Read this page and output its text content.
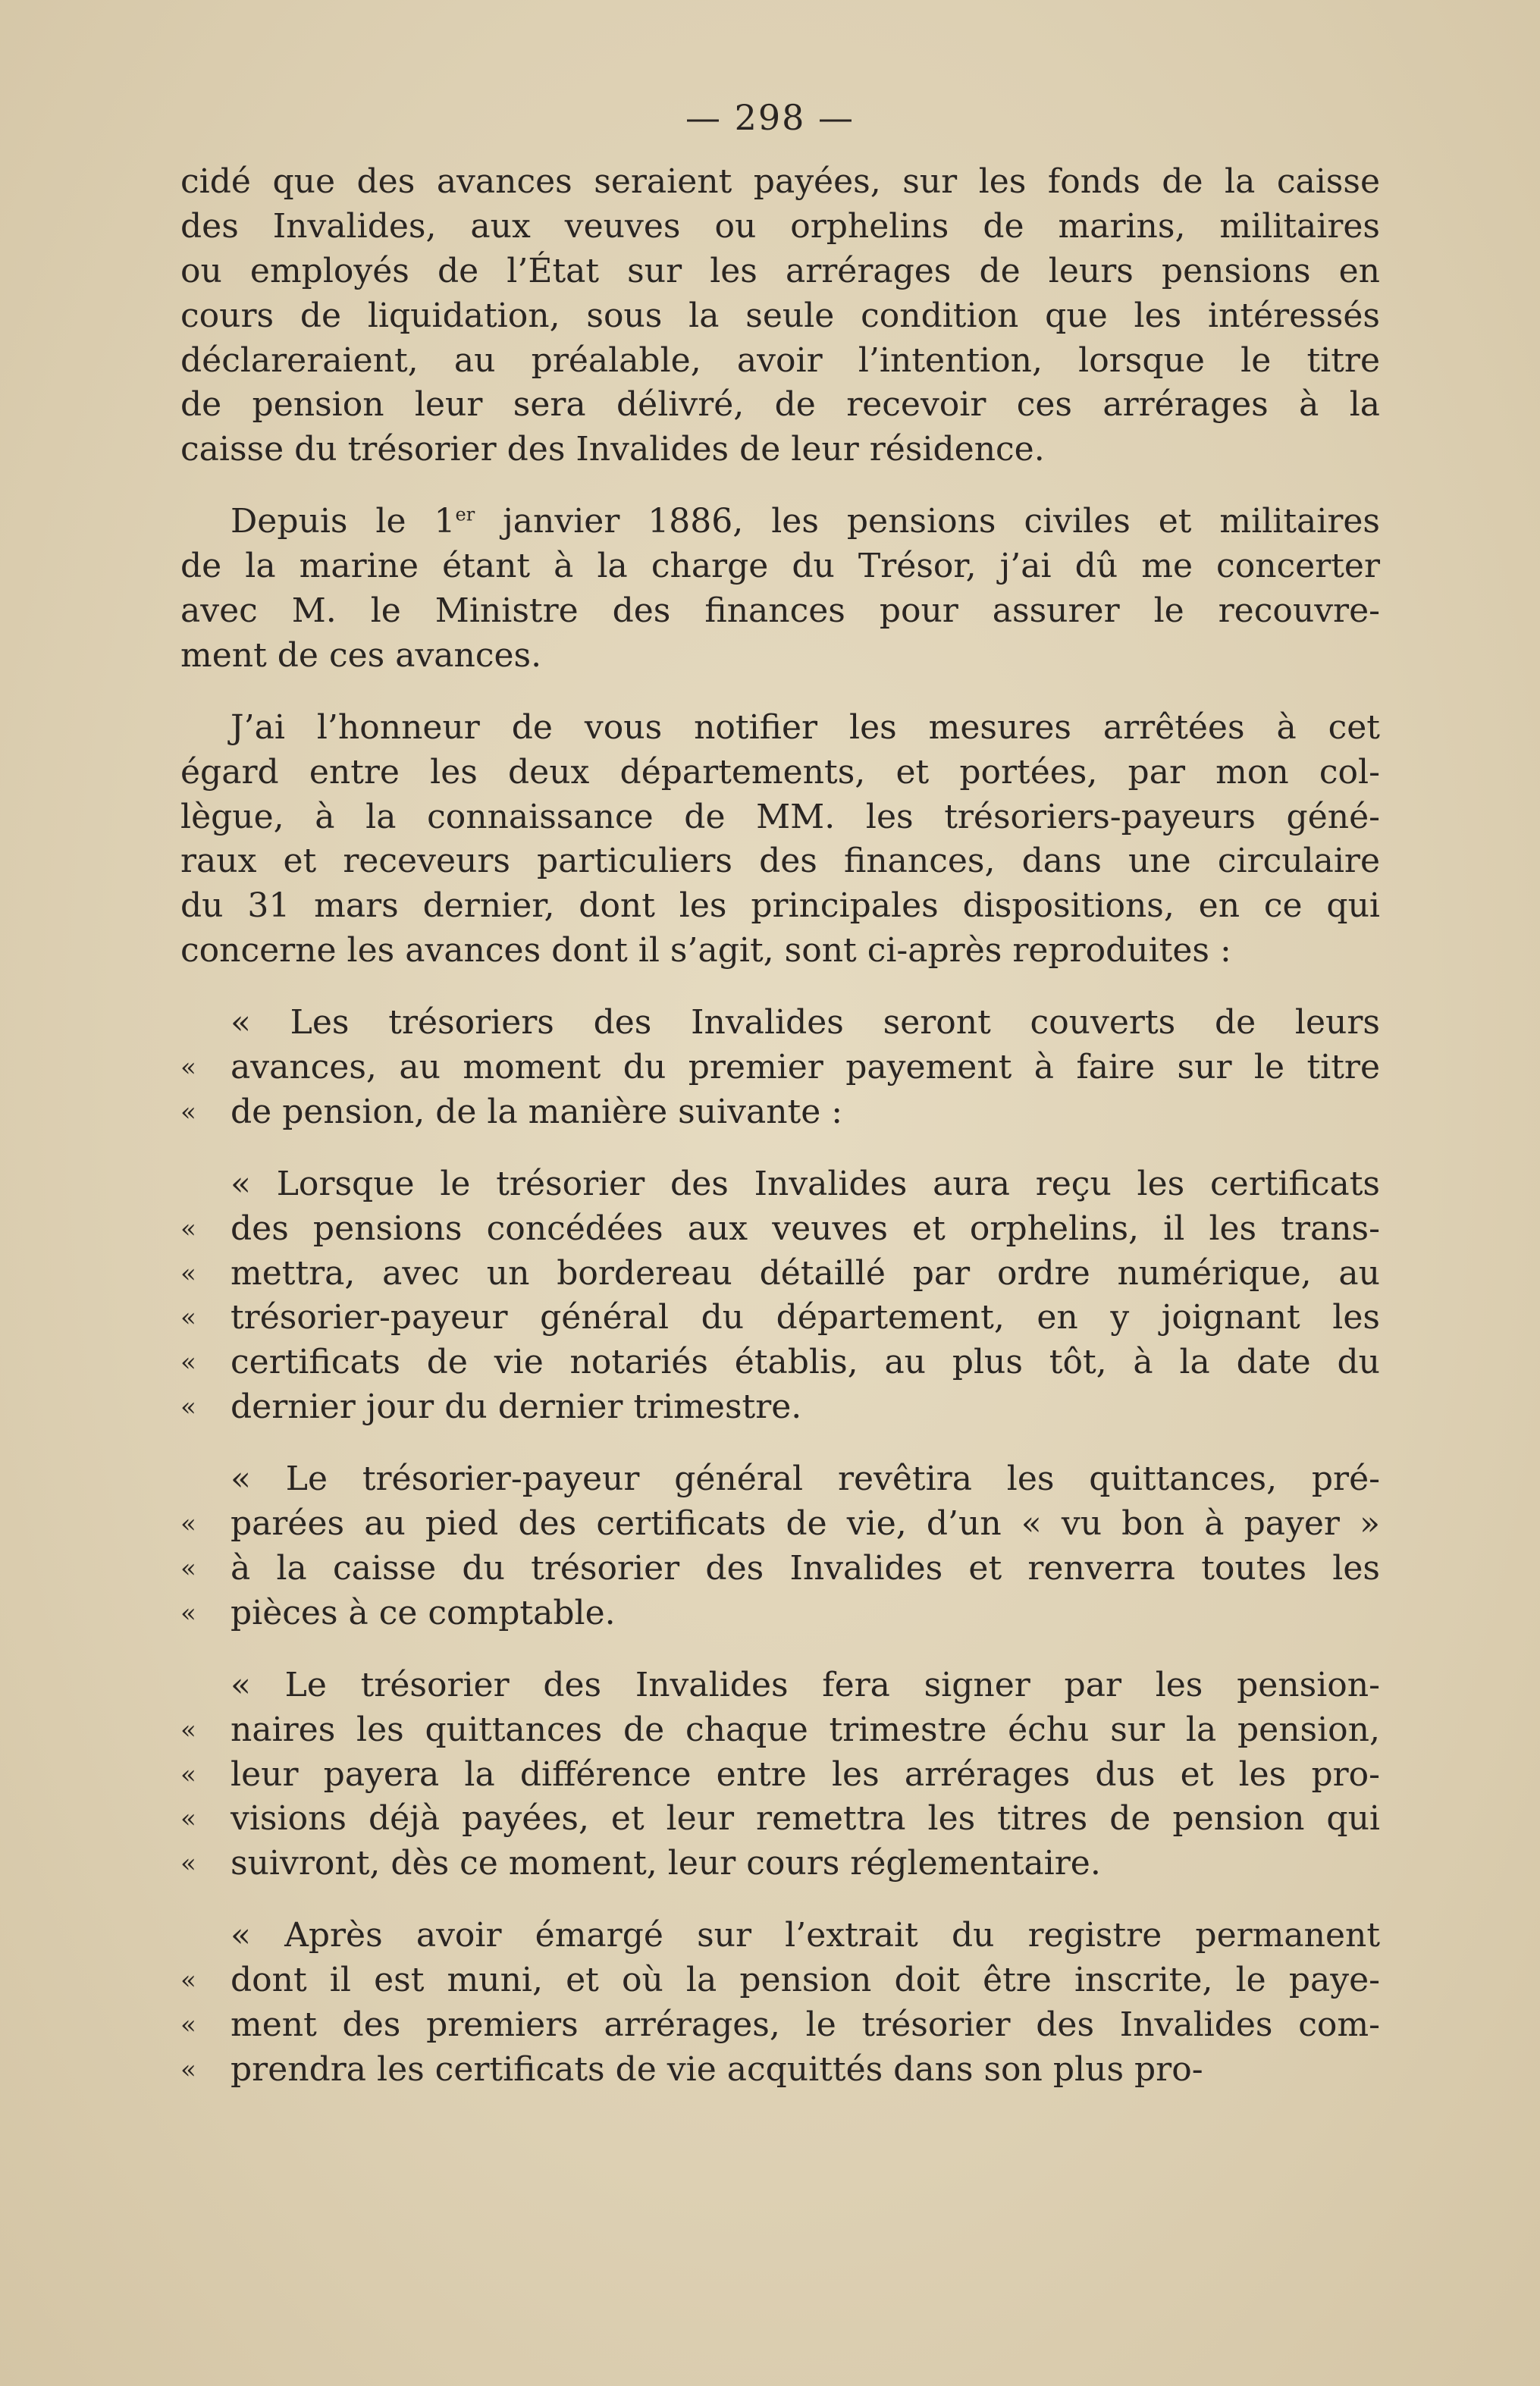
— 298 —
cidé que des avances seraient payées, sur les fonds de la caisse
des Invalides, aux veuves ou orphelins de marins, militaires
ou employés de l’État sur les arrérages de leurs pensions en
cours de liquidation, sous la seule condition que les intéressés
déclareraient, au préalable, avoir l’intention, lorsque le titre
de pension leur sera délivré, de recevoir ces arrérages à la
caisse du trésorier des Invalides de leur résidence.
Depuis le 1er janvier 1886, les pensions civiles et militaires
de la marine étant à la charge du Trésor, j’ai dû me concerter
avec M. le Ministre des finances pour assurer le recouvre-
ment de ces avances.
J’ai l’honneur de vous notifier les mesures arrêtées à cet
égard entre les deux départements, et portées, par mon col-
lègue, à la connaissance de MM. les trésoriers-payeurs géné-
raux et receveurs particuliers des finances, dans une circulaire
du 31 mars dernier, dont les principales dispositions, en ce qui
concerne les avances dont il s’agit, sont ci-après reproduites :
« Les trésoriers des Invalides seront couverts de leurs
«	avances, au moment du premier payement à faire sur le titre
«	de pension, de la manière suivante :
« Lorsque le trésorier des Invalides aura reçu les certificats
«	des pensions concédées aux veuves et orphelins, il les trans-
«	mettra, avec un bordereau détaillé par ordre numérique, au
«	trésorier-payeur général du département, en y joignant les
«	certificats de vie notariés établis, au plus tôt, à la date du
«	dernier jour du dernier trimestre.
« Le trésorier-payeur général revêtira les quittances, pré-
«	parées au pied des certificats de vie, d’un « vu bon à payer »
«	à la caisse du trésorier des Invalides et renverra toutes les
«	pièces à ce comptable.
« Le trésorier des Invalides fera signer par les pension-
«	naires les quittances de chaque trimestre échu sur la pension,
«	leur payera la différence entre les arrérages dus et les pro-
«	visions déjà payées, et leur remettra les titres de pension qui
«	suivront, dès ce moment, leur cours réglementaire.
« Après avoir émargé sur l’extrait du registre permanent
«	dont il est muni, et où la pension doit être inscrite, le paye-
«	ment des premiers arrérages, le trésorier des Invalides com-
«	prendra les certificats de vie acquittés dans son plus pro-
